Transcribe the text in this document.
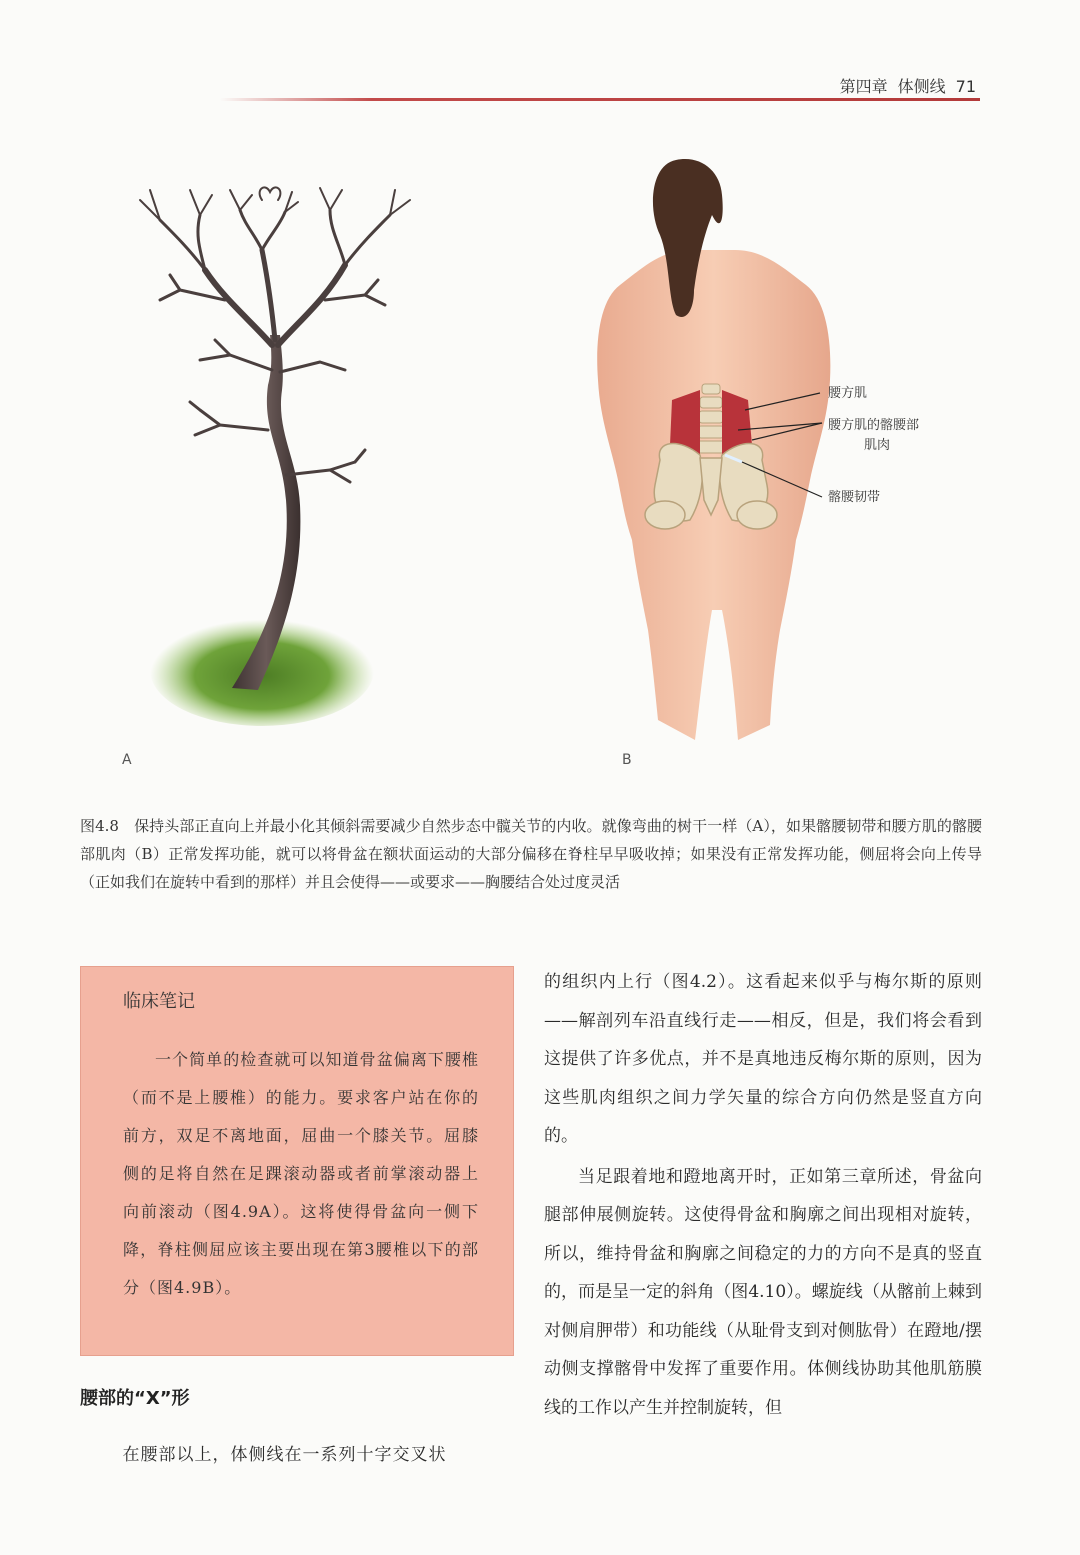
第四章 体侧线 71
A	B
腰方肌
腰方肌的髂腰部
肌肉
髂腰韧带
图4.8　保持头部正直向上并最小化其倾斜需要减少自然步态中髋关节的内收。就像弯曲的树干一样（A），如果髂腰韧带和腰方肌的髂腰部肌肉（B）正常发挥功能，就可以将骨盆在额状面运动的大部分偏移在脊柱早早吸收掉；如果没有正常发挥功能，侧屈将会向上传导（正如我们在旋转中看到的那样）并且会使得——或要求——胸腰结合处过度灵活
临床笔记
一个简单的检查就可以知道骨盆偏离下腰椎（而不是上腰椎）的能力。要求客户站在你的前方，双足不离地面，屈曲一个膝关节。屈膝侧的足将自然在足踝滚动器或者前掌滚动器上向前滚动（图4.9A）。这将使得骨盆向一侧下降，脊柱侧屈应该主要出现在第3腰椎以下的部分（图4.9B）。
腰部的“X”形
在腰部以上，体侧线在一系列十字交叉状

的组织内上行（图4.2）。这看起来似乎与梅尔斯的原则——解剖列车沿直线行走——相反，但是，我们将会看到这提供了许多优点，并不是真地违反梅尔斯的原则，因为这些肌肉组织之间力学矢量的综合方向仍然是竖直方向的。

当足跟着地和蹬地离开时，正如第三章所述，骨盆向腿部伸展侧旋转。这使得骨盆和胸廓之间出现相对旋转，所以，维持骨盆和胸廓之间稳定的力的方向不是真的竖直的，而是呈一定的斜角（图4.10）。螺旋线（从髂前上棘到对侧肩胛带）和功能线（从耻骨支到对侧肱骨）在蹬地/摆动侧支撑髂骨中发挥了重要作用。体侧线协助其他肌筋膜线的工作以产生并控制旋转，但
